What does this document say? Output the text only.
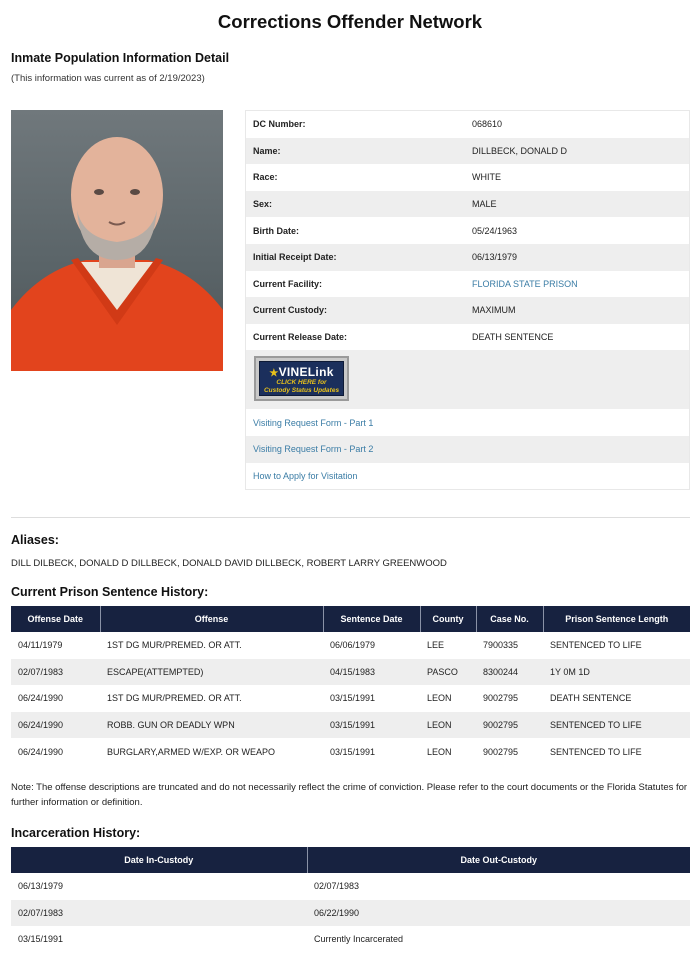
Corrections Offender Network
Inmate Population Information Detail
(This information was current as of 2/19/2023)
DC Number:	068610
Name:	DILLBECK, DONALD D
Race:	WHITE
Sex:	MALE
Birth Date:	05/24/1963
Initial Receipt Date:	06/13/1979
Current Facility:	FLORIDA STATE PRISON
Current Custody:	MAXIMUM
Current Release Date:	DEATH SENTENCE
★VINELink
CLICK HERE for
Custody Status Updates
Visiting Request Form - Part 1
Visiting Request Form - Part 2
How to Apply for Visitation
Aliases:
DILL DILBECK, DONALD D DILLBECK, DONALD DAVID DILLBECK, ROBERT LARRY GREENWOOD
Current Prison Sentence History:
Offense Date	Offense	Sentence Date	County	Case No.	Prison Sentence Length
04/11/1979	1ST DG MUR/PREMED. OR ATT.	06/06/1979	LEE	7900335	SENTENCED TO LIFE
02/07/1983	ESCAPE(ATTEMPTED)	04/15/1983	PASCO	8300244	1Y 0M 1D
06/24/1990	1ST DG MUR/PREMED. OR ATT.	03/15/1991	LEON	9002795	DEATH SENTENCE
06/24/1990	ROBB. GUN OR DEADLY WPN	03/15/1991	LEON	9002795	SENTENCED TO LIFE
06/24/1990	BURGLARY,ARMED W/EXP. OR WEAPO	03/15/1991	LEON	9002795	SENTENCED TO LIFE
Note: The offense descriptions are truncated and do not necessarily reflect the crime of conviction. Please refer to the court documents or the Florida Statutes for further information or definition.
Incarceration History:
Date In-Custody	Date Out-Custody
06/13/1979	02/07/1983
02/07/1983	06/22/1990
03/15/1991	Currently Incarcerated
